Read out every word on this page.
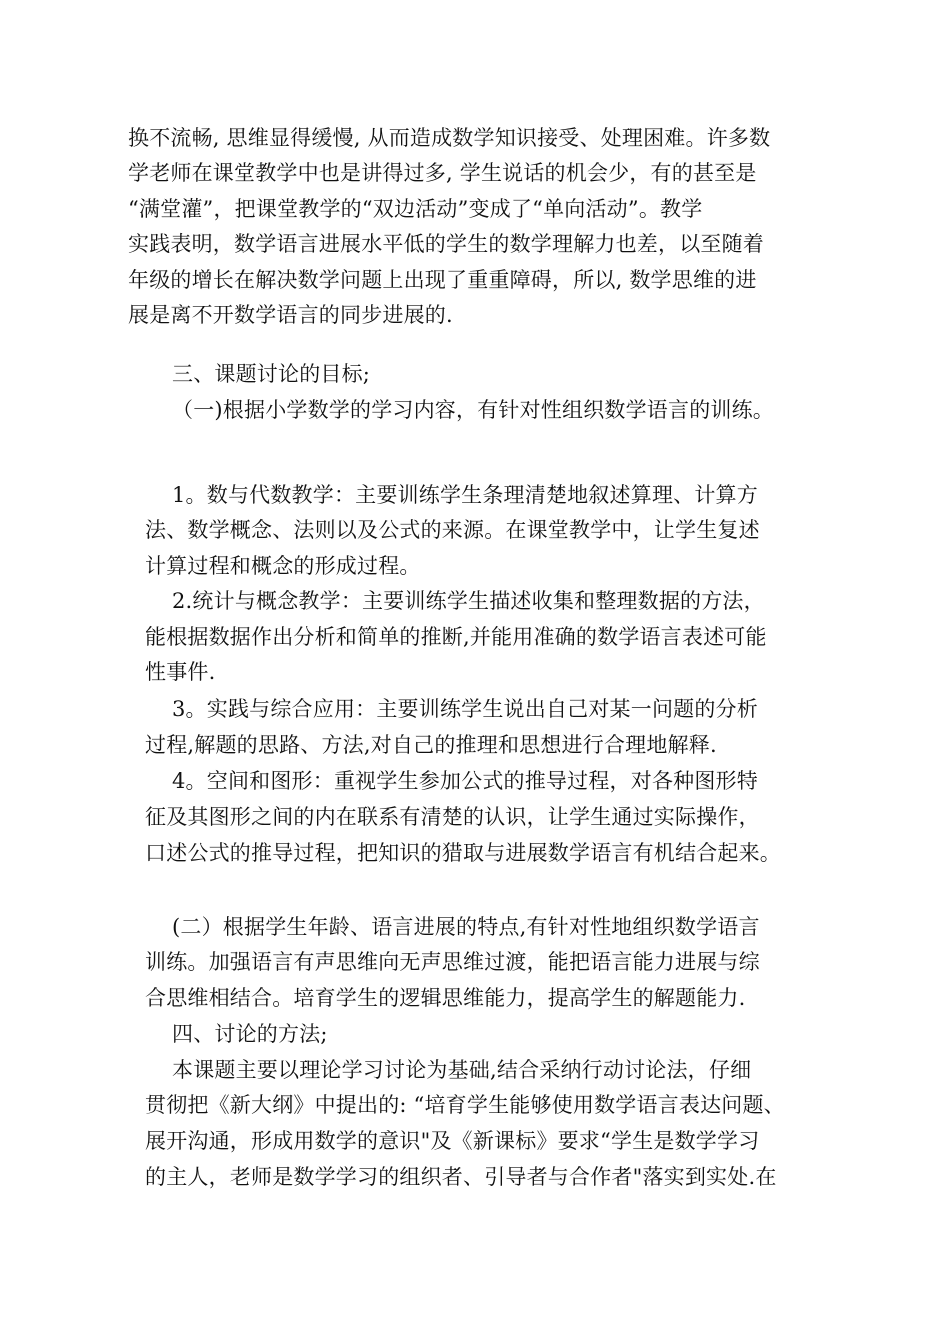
换不流畅, 思维显得缓慢, 从而造成数学知识接受、处理困难。许多数
学老师在课堂教学中也是讲得过多, 学生说话的机会少，有的甚至是
“满堂灌”，把课堂教学的“双边活动”变成了“单向活动”。教学
实践表明，数学语言进展水平低的学生的数学理解力也差，以至随着
年级的增长在解决数学问题上出现了重重障碍，所以, 数学思维的进
展是离不开数学语言的同步进展的.
三、课题讨论的目标;
（一)根据小学数学的学习内容，有针对性组织数学语言的训练。
1。数与代数教学：主要训练学生条理清楚地叙述算理、计算方
法、数学概念、法则以及公式的来源。在课堂教学中，让学生复述
计算过程和概念的形成过程。
2.统计与概念教学：主要训练学生描述收集和整理数据的方法，
能根据数据作出分析和简单的推断,并能用准确的数学语言表述可能
性事件.
3。实践与综合应用：主要训练学生说出自己对某一问题的分析
过程,解题的思路、方法,对自己的推理和思想进行合理地解释.
4。空间和图形：重视学生参加公式的推导过程，对各种图形特
征及其图形之间的内在联系有清楚的认识，让学生通过实际操作，
口述公式的推导过程，把知识的猎取与进展数学语言有机结合起来。
(二）根据学生年龄、语言进展的特点,有针对性地组织数学语言
训练。加强语言有声思维向无声思维过渡，能把语言能力进展与综
合思维相结合。培育学生的逻辑思维能力，提高学生的解题能力.
四、讨论的方法;
本课题主要以理论学习讨论为基础,结合采纳行动讨论法，仔细
贯彻把《新大纲》中提出的: “培育学生能够使用数学语言表达问题、
展开沟通，形成用数学的意识"及《新课标》要求“学生是数学学习
的主人，老师是数学学习的组织者、引导者与合作者"落实到实处.在
